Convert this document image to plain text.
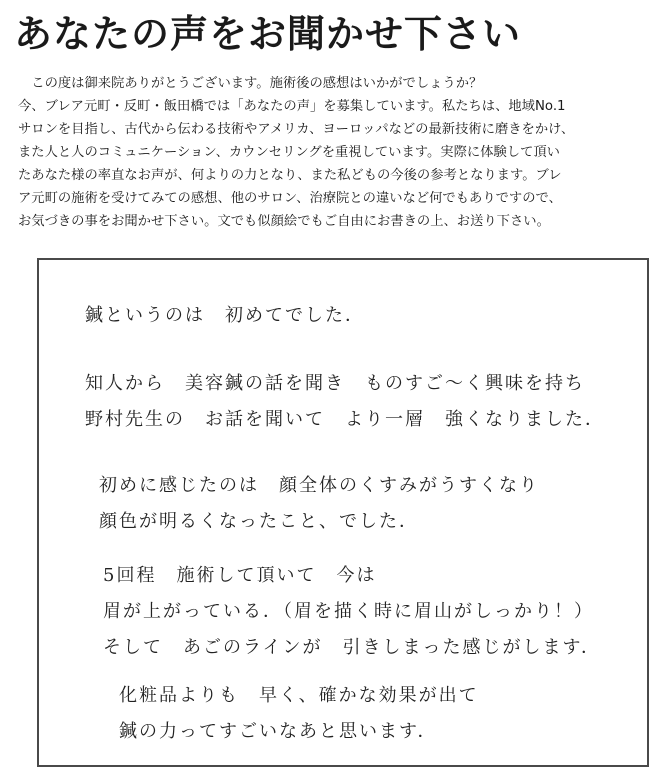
あなたの声をお聞かせ下さい

この度は御来院ありがとうございます。施術後の感想はいかがでしょうか？

今、ブレア元町・反町・飯田橋では「あなたの声」を募集しています。私たちは、地域No.1

サロンを目指し、古代から伝わる技術やアメリカ、ヨーロッパなどの最新技術に磨きをかけ、

また人と人のコミュニケーション、カウンセリングを重視しています。実際に体験して頂い

たあなた様の率直なお声が、何よりの力となり、また私どもの今後の参考となります。ブレ

ア元町の施術を受けてみての感想、他のサロン、治療院との違いなど何でもありですので、

お気づきの事をお聞かせ下さい。文でも似顔絵でもご自由にお書きの上、お送り下さい。

鍼というのは　初めてでした．
知人から　美容鍼の話を聞き　ものすご～く興味を持ち
野村先生の　お話を聞いて　より一層　強くなりました．
初めに感じたのは　顔全体のくすみがうすくなり
顔色が明るくなったこと、でした．
5回程　施術して頂いて　今は
眉が上がっている．（眉を描く時に眉山がしっかり！）
そして　あごのラインが　引きしまった感じがします．
化粧品よりも　早く、確かな効果が出て
鍼の力ってすごいなあと思います．
